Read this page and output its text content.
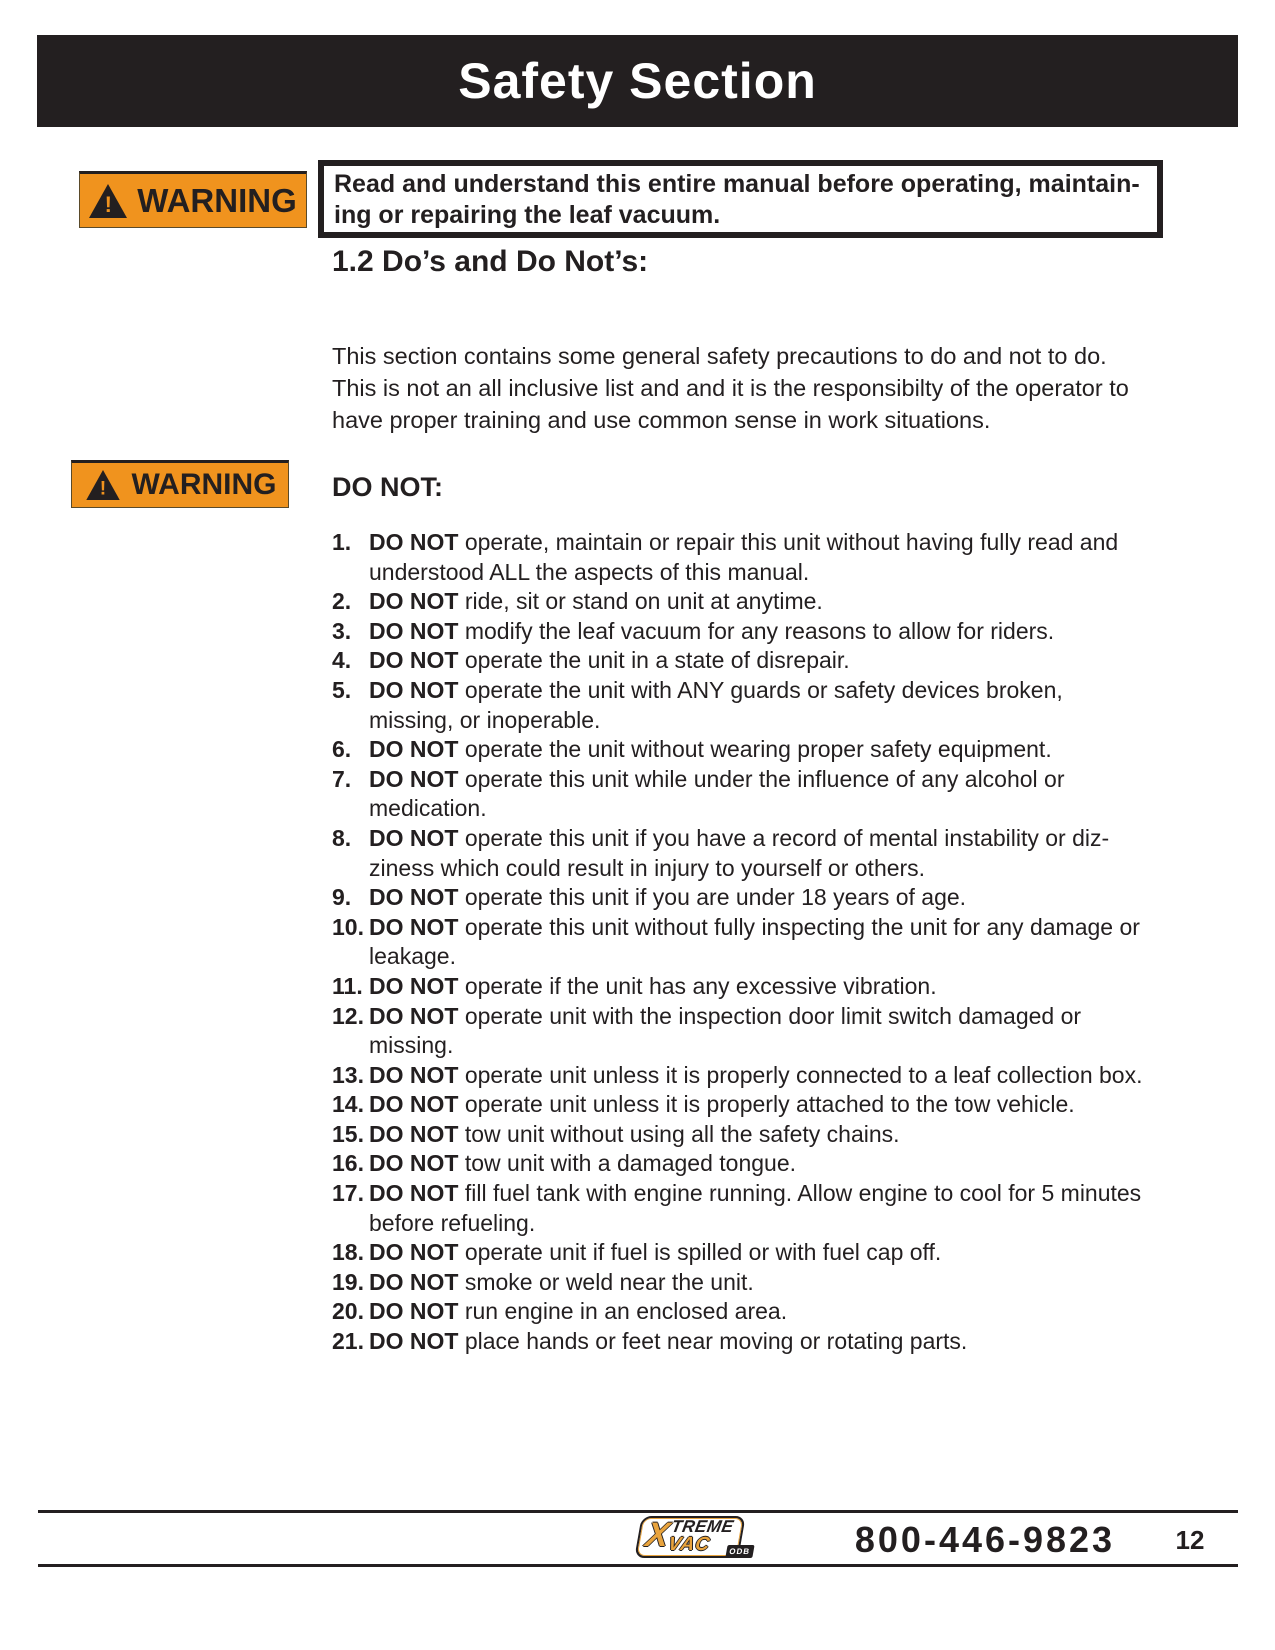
Safety Section
! WARNING Read and understand this entire manual before operating, maintaining or repairing the leaf vacuum.
1.2 Do’s and Do Not’s:
This section contains some general safety precautions to do and not to do. This is not an all inclusive list and and it is the responsibilty of the operator to have proper training and use common sense in work situations.
! WARNING DO NOT:
1. DO NOT operate, maintain or repair this unit without having fully read and understood ALL the aspects of this manual.
2. DO NOT ride, sit or stand on unit at anytime.
3. DO NOT modify the leaf vacuum for any reasons to allow for riders.
4. DO NOT operate the unit in a state of disrepair.
5. DO NOT operate the unit with ANY guards or safety devices broken, missing, or inoperable.
6. DO NOT operate the unit without wearing proper safety equipment.
7. DO NOT operate this unit while under the influence of any alcohol or medication.
8. DO NOT operate this unit if you have a record of mental instability or dizziness which could result in injury to yourself or others.
9. DO NOT operate this unit if you are under 18 years of age.
10. DO NOT operate this unit without fully inspecting the unit for any damage or leakage.
11. DO NOT operate if the unit has any excessive vibration.
12. DO NOT operate unit with the inspection door limit switch damaged or missing.
13. DO NOT operate unit unless it is properly connected to a leaf collection box.
14. DO NOT operate unit unless it is properly attached to the tow vehicle.
15. DO NOT tow unit without using all the safety chains.
16. DO NOT tow unit with a damaged tongue.
17. DO NOT fill fuel tank with engine running. Allow engine to cool for 5 minutes before refueling.
18. DO NOT operate unit if fuel is spilled or with fuel cap off.
19. DO NOT smoke or weld near the unit.
20. DO NOT run engine in an enclosed area.
21. DO NOT place hands or feet near moving or rotating parts.
X
TREME
VAC	ODB	800-446-9823	12
